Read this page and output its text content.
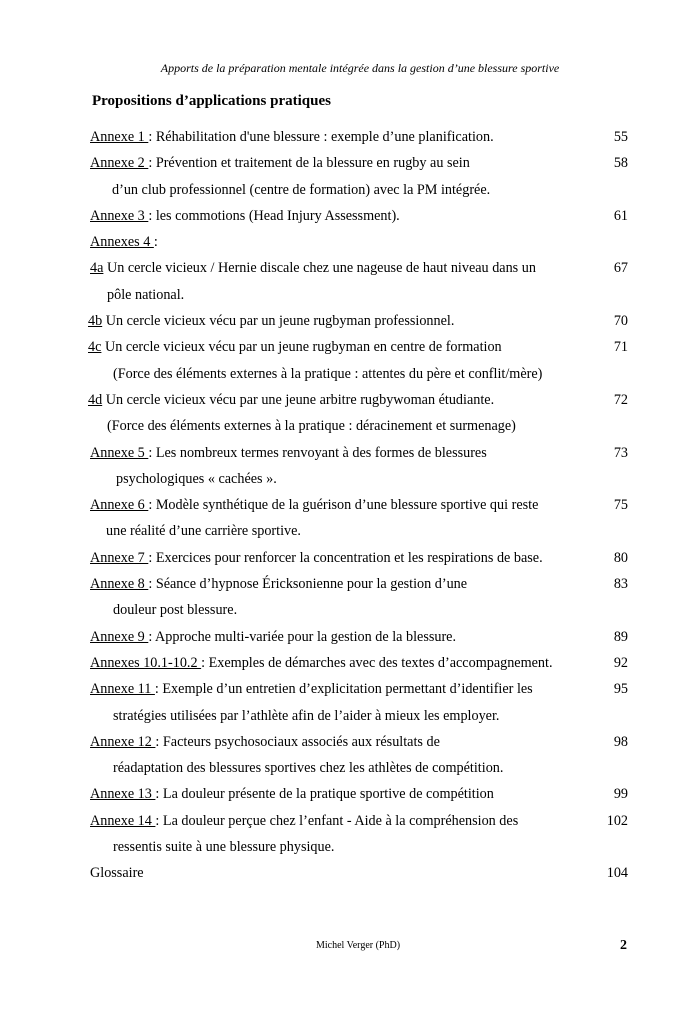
Apports de la préparation mentale intégrée dans la gestion d’une blessure sportive
Propositions d’applications pratiques
Annexe 1 : Réhabilitation d'une blessure : exemple d’une planification.	55
Annexe 2 : Prévention et traitement de la blessure en rugby au sein	58
d’un club professionnel (centre de formation) avec la PM intégrée.
Annexe 3 : les commotions (Head Injury Assessment).	61
Annexes 4 :
4a Un cercle vicieux / Hernie discale chez une nageuse de haut niveau dans un	67
pôle national.
4b Un cercle vicieux vécu par un jeune rugbyman professionnel.	70
4c Un cercle vicieux vécu par un jeune rugbyman en centre de formation	71
(Force des éléments externes à la pratique : attentes du père et conflit/mère)
4d Un cercle vicieux vécu par une jeune arbitre rugbywoman étudiante.	72
(Force des éléments externes à la pratique : déracinement et surmenage)
Annexe 5 : Les nombreux termes renvoyant à des formes de blessures	73
psychologiques « cachées ».
Annexe 6 : Modèle synthétique de la guérison d’une blessure sportive qui reste	75
une réalité d’une carrière sportive.
Annexe 7 : Exercices pour renforcer la concentration et les respirations de base.	80
Annexe 8 : Séance d’hypnose Éricksonienne pour la gestion d’une	83
douleur post blessure.
Annexe 9 : Approche multi-variée pour la gestion de la blessure.	89
Annexes 10.1-10.2 : Exemples de démarches avec des textes d’accompagnement.	92
Annexe 11 : Exemple d’un entretien d’explicitation permettant d’identifier les	95
stratégies utilisées par l’athlète afin de l’aider à mieux les employer.
Annexe 12 : Facteurs psychosociaux associés aux résultats de	98
réadaptation des blessures sportives chez les athlètes de compétition.
Annexe 13 : La douleur présente de la pratique sportive de compétition	99
Annexe 14 : La douleur perçue chez l’enfant - Aide à la compréhension des	102
ressentis suite à une blessure physique.
Glossaire	104
Michel Verger (PhD)	2
